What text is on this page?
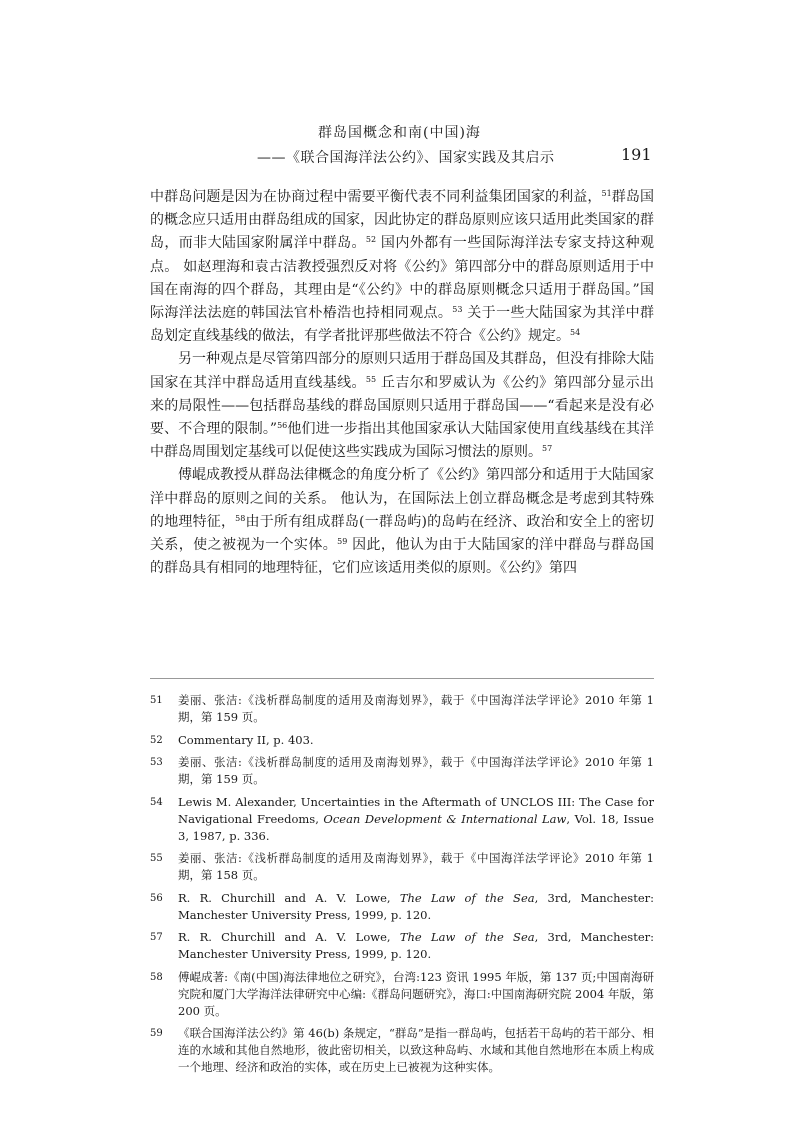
群岛国概念和南(中国)海
——《联合国海洋法公约》、国家实践及其启示	191

中群岛问题是因为在协商过程中需要平衡代表不同利益集团国家的利益，$^{51}$群岛国的概念应只适用由群岛组成的国家，因此协定的群岛原则应该只适用此类国家的群岛，而非大陆国家附属洋中群岛。$^{52}$ 国内外都有一些国际海洋法专家支持这种观点。 如赵理海和袁古洁教授强烈反对将《公约》第四部分中的群岛原则适用于中国在南海的四个群岛，其理由是“《公约》中的群岛原则概念只适用于群岛国。”国际海洋法法庭的韩国法官朴椿浩也持相同观点。$^{53}$ 关于一些大陆国家为其洋中群岛划定直线基线的做法，有学者批评那些做法不符合《公约》规定。$^{54}$

另一种观点是尽管第四部分的原则只适用于群岛国及其群岛，但没有排除大陆国家在其洋中群岛适用直线基线。$^{55}$ 丘吉尔和罗威认为《公约》第四部分显示出来的局限性——包括群岛基线的群岛国原则只适用于群岛国——“看起来是没有必要、不合理的限制。”$^{56}$他们进一步指出其他国家承认大陆国家使用直线基线在其洋中群岛周围划定基线可以促使这些实践成为国际习惯法的原则。$^{57}$

傅崐成教授从群岛法律概念的角度分析了《公约》第四部分和适用于大陆国家洋中群岛的原则之间的关系。 他认为，在国际法上创立群岛概念是考虑到其特殊的地理特征，$^{58}$由于所有组成群岛(一群岛屿)的岛屿在经济、政治和安全上的密切关系，使之被视为一个实体。$^{59}$ 因此，他认为由于大陆国家的洋中群岛与群岛国的群岛具有相同的地理特征，它们应该适用类似的原则。《公约》第四

51 姜丽、张洁:《浅析群岛制度的适用及南海划界》，载于《中国海洋法学评论》2010 年第 1 期，第 159 页。
52 Commentary II, p. 403.
53 姜丽、张洁:《浅析群岛制度的适用及南海划界》，载于《中国海洋法学评论》2010 年第 1 期，第 159 页。
54 Lewis M. Alexander, Uncertainties in the Aftermath of UNCLOS III: The Case for Navigational Freedoms, Ocean Development & International Law, Vol. 18, Issue 3, 1987, p. 336.
55 姜丽、张洁:《浅析群岛制度的适用及南海划界》，载于《中国海洋法学评论》2010 年第 1 期，第 158 页。
56 R. R. Churchill and A. V. Lowe, The Law of the Sea, 3rd, Manchester: Manchester University Press, 1999, p. 120.
57 R. R. Churchill and A. V. Lowe, The Law of the Sea, 3rd, Manchester: Manchester University Press, 1999, p. 120.
58 傅崐成著:《南(中国)海法律地位之研究》，台湾:123 资讯 1995 年版，第 137 页;中国南海研究院和厦门大学海洋法律研究中心编:《群岛问题研究》，海口:中国南海研究院 2004 年版，第 200 页。
59 《联合国海洋法公约》第 46(b) 条规定，“群岛”是指一群岛屿，包括若干岛屿的若干部分、相连的水域和其他自然地形，彼此密切相关，以致这种岛屿、水域和其他自然地形在本质上构成一个地理、经济和政治的实体，或在历史上已被视为这种实体。
